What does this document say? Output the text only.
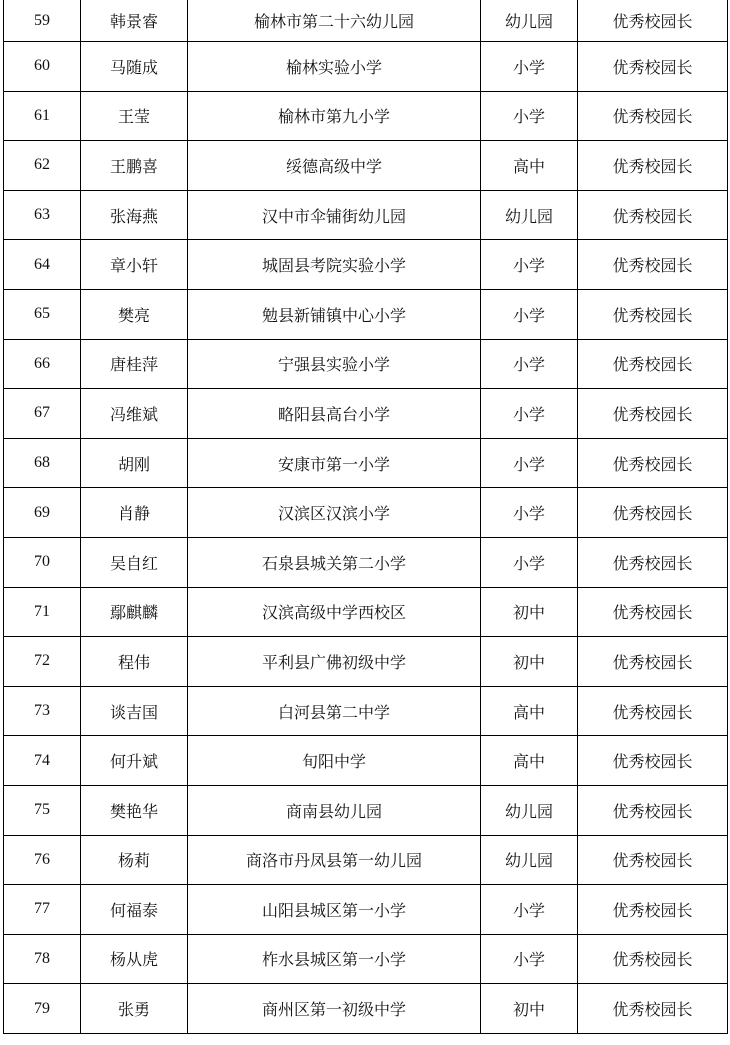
59	韩景睿	榆林市第二十六幼儿园	幼儿园	优秀校园长
60	马随成	榆林实验小学	小学	优秀校园长
61	王莹	榆林市第九小学	小学	优秀校园长
62	王鹏喜	绥德高级中学	高中	优秀校园长
63	张海燕	汉中市伞铺街幼儿园	幼儿园	优秀校园长
64	章小轩	城固县考院实验小学	小学	优秀校园长
65	樊亮	勉县新铺镇中心小学	小学	优秀校园长
66	唐桂萍	宁强县实验小学	小学	优秀校园长
67	冯维斌	略阳县高台小学	小学	优秀校园长
68	胡刚	安康市第一小学	小学	优秀校园长
69	肖静	汉滨区汉滨小学	小学	优秀校园长
70	吴自红	石泉县城关第二小学	小学	优秀校园长
71	鄢麒麟	汉滨高级中学西校区	初中	优秀校园长
72	程伟	平利县广佛初级中学	初中	优秀校园长
73	谈吉国	白河县第二中学	高中	优秀校园长
74	何升斌	旬阳中学	高中	优秀校园长
75	樊艳华	商南县幼儿园	幼儿园	优秀校园长
76	杨莉	商洛市丹凤县第一幼儿园	幼儿园	优秀校园长
77	何福泰	山阳县城区第一小学	小学	优秀校园长
78	杨从虎	柞水县城区第一小学	小学	优秀校园长
79	张勇	商州区第一初级中学	初中	优秀校园长
